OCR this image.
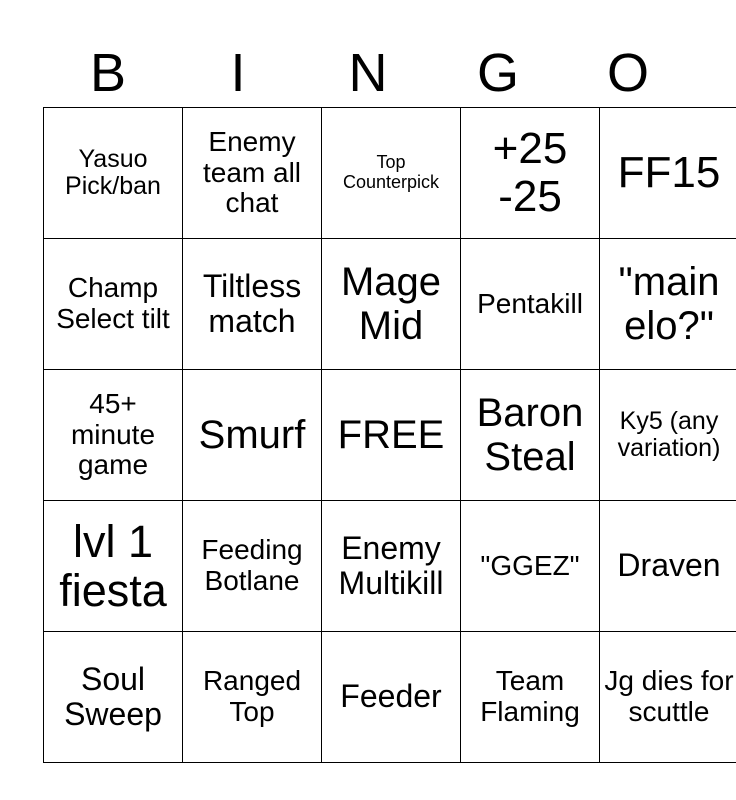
B	I	N	G	O
Yasuo Pick/ban	Enemy team all chat	Top Counterpick	+25 -25	FF15
Champ Select tilt	Tiltless match	Mage Mid	Pentakill	"main elo?"
45+ minute game	Smurf	FREE	Baron Steal	Ky5 (any variation)
lvl 1 fiesta	Feeding Botlane	Enemy Multikill	"GGEZ"	Draven
Soul Sweep	Ranged Top	Feeder	Team Flaming	Jg dies for scuttle
